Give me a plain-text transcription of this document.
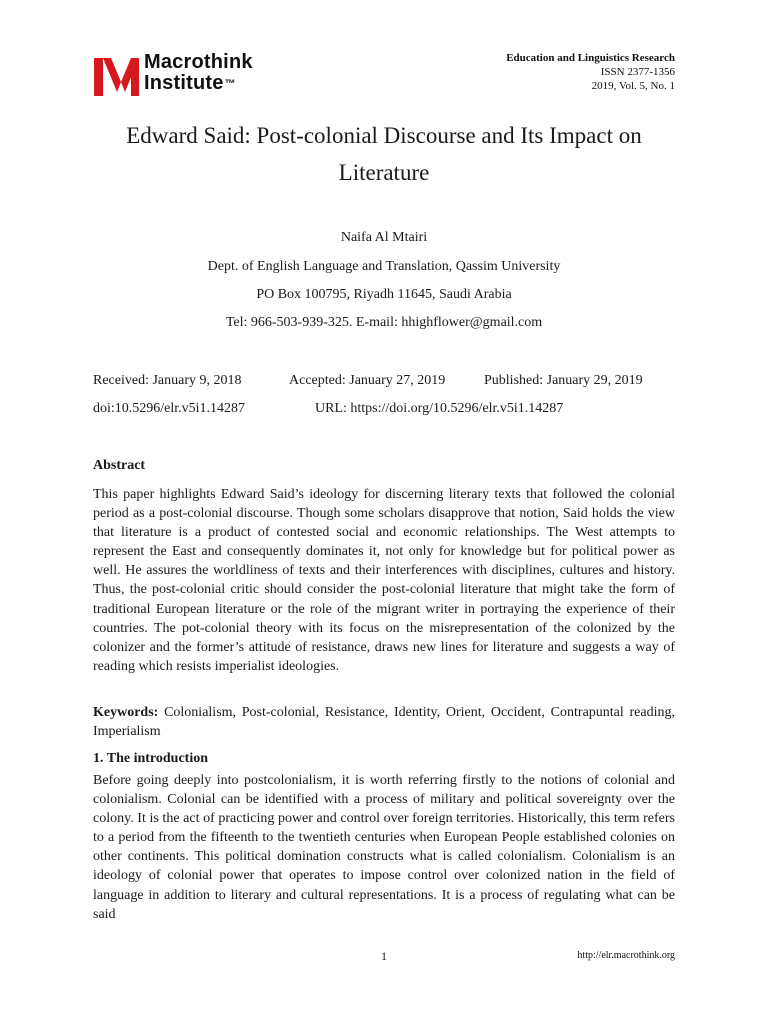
Macrothink
Institute™
Education and Linguistics Research
ISSN 2377-1356
2019, Vol. 5, No. 1
Edward Said: Post-colonial Discourse and Its Impact on
Literature
Naifa Al Mtairi
Dept. of English Language and Translation, Qassim University
PO Box 100795, Riyadh 11645, Saudi Arabia
Tel: 966-503-939-325. E-mail: hhighflower@gmail.com
Received: January 9, 2018	Accepted: January 27, 2019	Published: January 29, 2019
doi:10.5296/elr.v5i1.14287	URL: https://doi.org/10.5296/elr.v5i1.14287
Abstract
This paper highlights Edward Said’s ideology for discerning literary texts that followed the colonial period as a post-colonial discourse. Though some scholars disapprove that notion, Said holds the view that literature is a product of contested social and economic relationships. The West attempts to represent the East and consequently dominates it, not only for knowledge but for political power as well. He assures the worldliness of texts and their interferences with disciplines, cultures and history. Thus, the post-colonial critic should consider the post-colonial literature that might take the form of traditional European literature or the role of the migrant writer in portraying the experience of their countries. The pot-colonial theory with its focus on the misrepresentation of the colonized by the colonizer and the former’s attitude of resistance, draws new lines for literature and suggests a way of reading which resists imperialist ideologies.
Keywords: Colonialism, Post-colonial, Resistance, Identity, Orient, Occident, Contrapuntal reading, Imperialism
1. The introduction
Before going deeply into postcolonialism, it is worth referring firstly to the notions of colonial and colonialism. Colonial can be identified with a process of military and political sovereignty over the colony. It is the act of practicing power and control over foreign territories. Historically, this term refers to a period from the fifteenth to the twentieth centuries when European People established colonies on other continents. This political domination constructs what is called colonialism. Colonialism is an ideology of colonial power that operates to impose control over colonized nation in the field of language in addition to literary and cultural representations. It is a process of regulating what can be said
1	http://elr.macrothink.org
